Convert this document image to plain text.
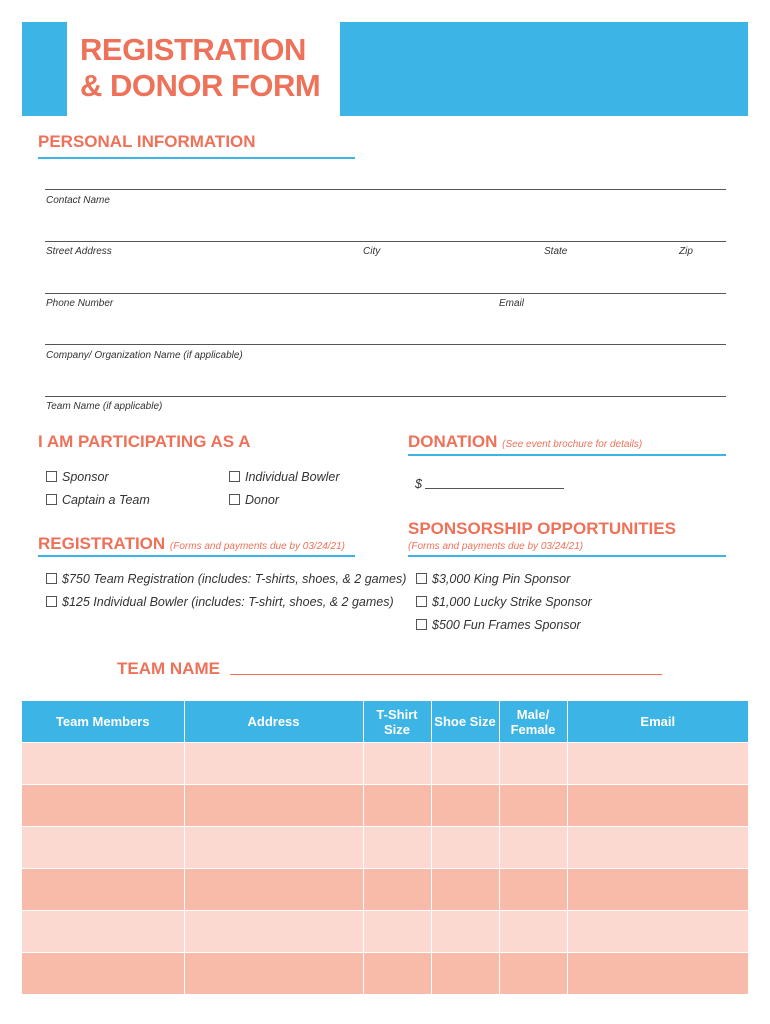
REGISTRATION
& DONOR FORM
PERSONAL INFORMATION
Contact Name
Street Address	City	State	Zip
Phone Number	Email
Company/ Organization Name (if applicable)
Team Name (if applicable)
I AM PARTICIPATING AS A
Sponsor	Individual Bowler
Captain a Team	Donor
DONATION (See event brochure for details)
$
REGISTRATION (Forms and payments due by 03/24/21)
$750 Team Registration (includes: T-shirts, shoes, & 2 games)
$125 Individual Bowler (includes: T-shirt, shoes, & 2 games)
SPONSORSHIP OPPORTUNITIES
(Forms and payments due by 03/24/21)
$3,000 King Pin Sponsor
$1,000 Lucky Strike Sponsor
$500 Fun Frames Sponsor
TEAM NAME
Team Members	Address	T-Shirt Size	Shoe Size	Male/ Female	Email
